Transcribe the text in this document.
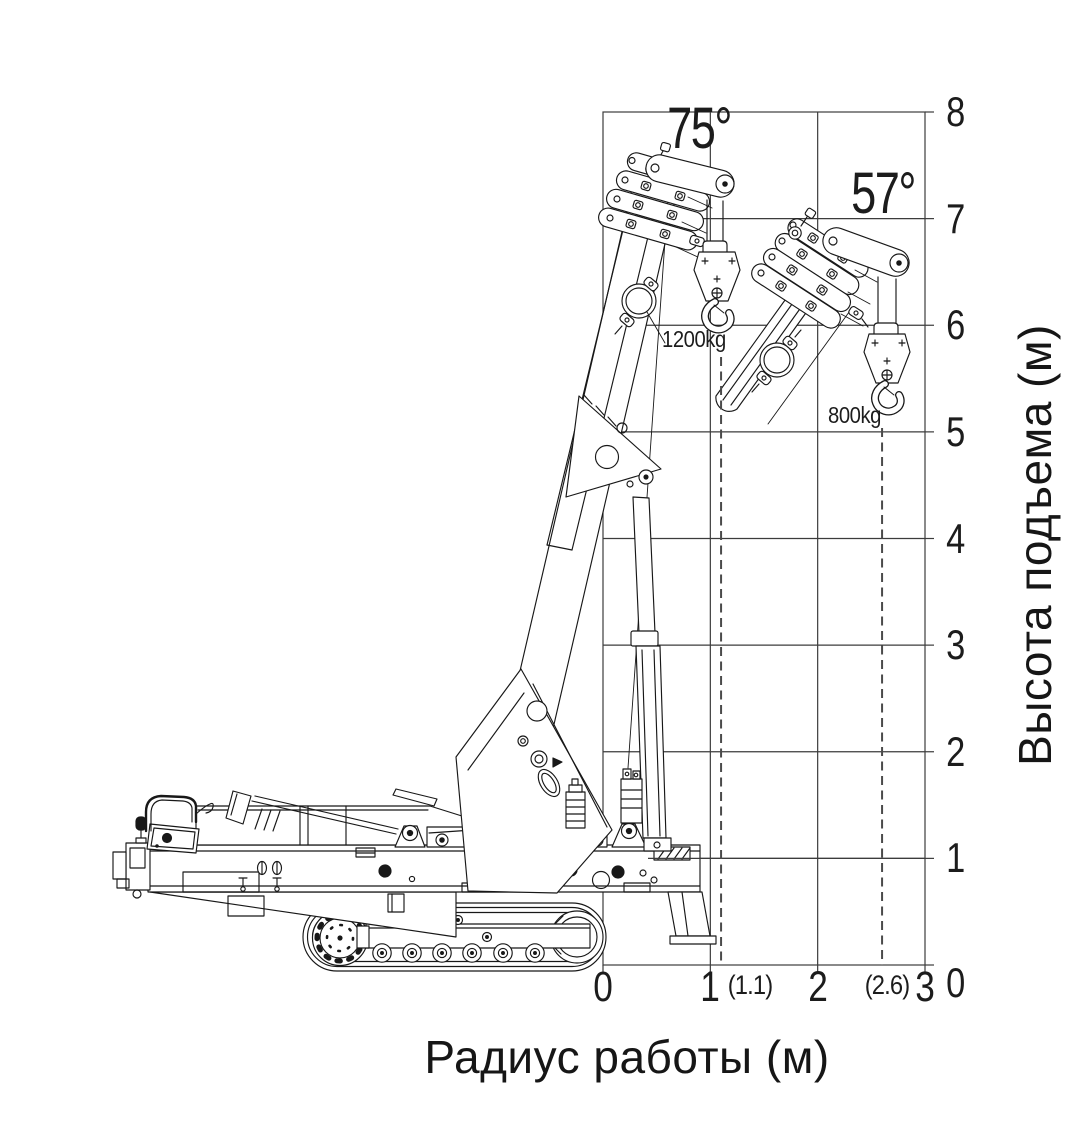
75°
57°
1200kg
800kg
Радиус работы (м)
Высота подъема (м)
0 1 2 3 0
1
2
3
4
5
6
7
8
(1.1)	(2.6)
